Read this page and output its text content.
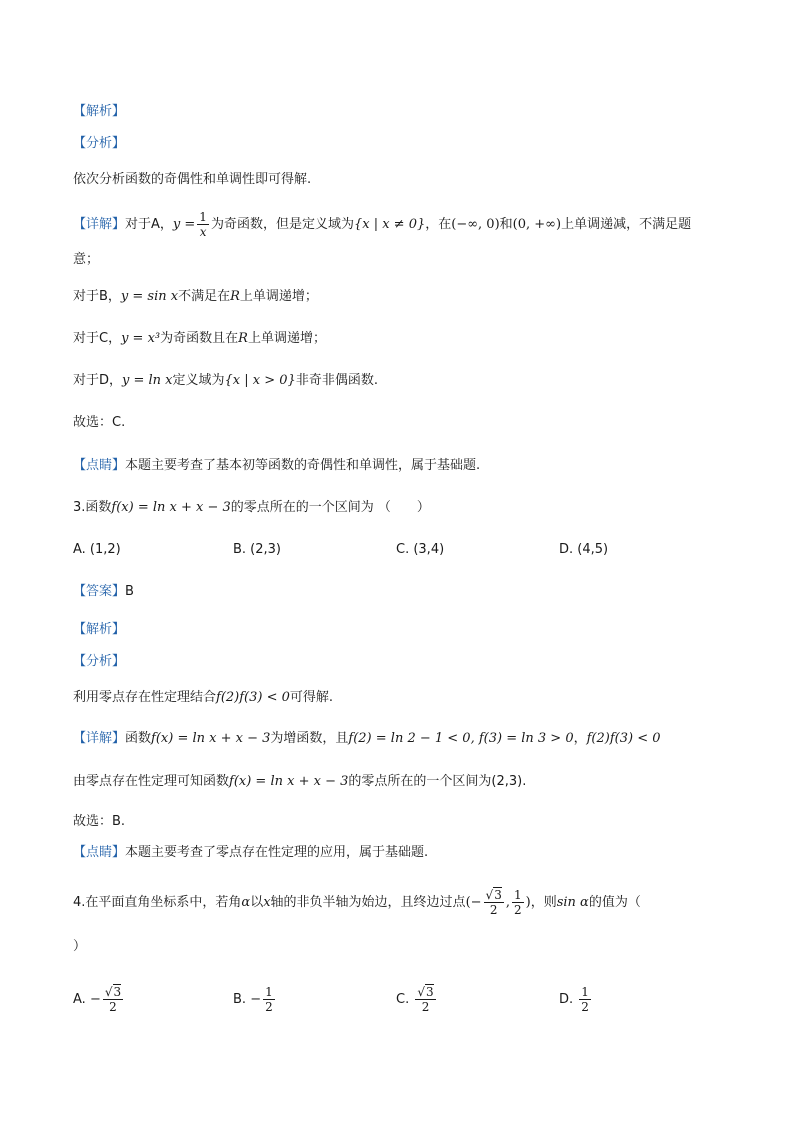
【解析】
【分析】
依次分析函数的奇偶性和单调性即可得解.
【详解】对于A，$y = \frac{1}{x}$ 为奇函数，但是定义域为{x | x ≠ 0}，在(−∞, 0)和(0, +∞)上单调递减，不满足题
意；
对于B，y = sin x不满足在R上单调递增；
对于C，y = x³为奇函数且在R上单调递增；
对于D，y = ln x定义域为{x | x > 0}非奇非偶函数.
故选：C.
【点睛】本题主要考查了基本初等函数的奇偶性和单调性，属于基础题.
3.函数f(x) = ln x + x − 3的零点所在的一个区间为 （　　）
A. (1,2)	B. (2,3)	C. (3,4)	D. (4,5)
【答案】B
【解析】
【分析】
利用零点存在性定理结合f(2)f(3) < 0可得解.
【详解】函数f(x) = ln x + x − 3为增函数，且f(2) = ln 2 − 1 < 0, f(3) = ln 3 > 0，f(2)f(3) < 0
由零点存在性定理可知函数f(x) = ln x + x − 3的零点所在的一个区间为(2,3).
故选：B.
【点睛】本题主要考查了零点存在性定理的应用，属于基础题.
4.在平面直角坐标系中，若角α以x轴的非负半轴为始边，且终边过点(− $\frac{√3}{2}$ , $\frac{1}{2}$ )，则sin α的值为（
）
A. − $\frac{√3}{2}$	B. − $\frac{1}{2}$	C. $\frac{√3}{2}$	D. $\frac{1}{2}$
